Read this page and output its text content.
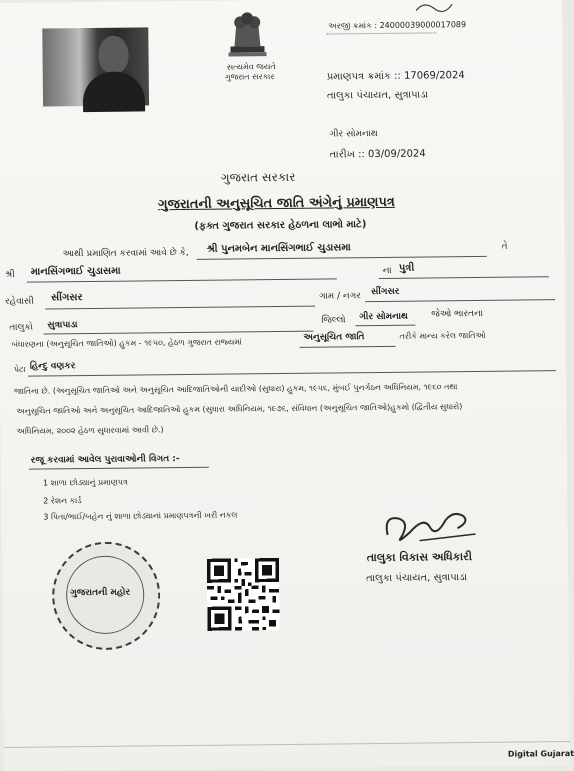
સત્યમેવ જયતે
ગુજરાત સરકાર
અરજી ક્રમાંક : 24000039000017089
પ્રમાણપત્ર ક્રમાંક :: 17069/2024
તાલુકા પંચાયત, સુત્રાપાડા
ગીર સોમનાથ
તારીખ :: 03/09/2024
ગુજરાત સરકાર
ગુજરાતની અનુસૂચિત જાતિ અંગેનું પ્રમાણપત્ર
(ફક્ત ગુજરાત સરકાર હેઠળના લાભો માટે)
આથી પ્રમાણિત કરવામાં આવે છે કે, શ્રી પુનમબેન માનસિંગભાઈ ચુડાસમા	તે
શ્રી માનસિંગભાઈ ચુડાસમા	ના પુત્રી
રહેવાસી સીંગસર	ગામ / નગર સીંગસર
તાલુકો સુત્રાપાડા	જિલ્લો ગીર સોમનાથ	જેઓ ભારતના
બંધારણના (અનુસૂચિત જાતિઓ) હુકમ - ૧૯૫૦, હેઠળ ગુજરાત રાજ્યમાં	અનુસૂચિત જાતિ	તરીકે માન્ય કરેલ જાતિઓ
પેટા હિન્દુ વણકર
જાતિના છે. (અનુસૂચિત જાતિઓ અને અનુસૂચિત આદિજાતિઓની યાદીઓ (સુધારા) હુકમ, ૧૯૫૬, મુંબઈ પુનર્ગઠન અધિનિયમ, ૧૯૬૦ તથા
અનુસૂચિત જાતિઓ અને અનુસૂચિત આદિજાતિઓ હુકમ (સુધારા અધિનિયમ, ૧૯૭૬, સંવિધાન (અનુસૂચિત જાતિઓ)હુકમો (દ્વિતીય સુધારો)
અધિનિયમ, ૨૦૦૨ હેઠળ સુધારવામાં આવી છે.)
રજૂ કરવામાં આવેલ પુરાવાઓની વિગત :-
1 શાળા છોડ્યાનું પ્રમાણપત્ર
2 રેશન કાર્ડ
3 પિતા/ભાઈ/બહેન નું શાળા છોડ્યાનાં પ્રમાણપત્રની ખરી નકલ
તાલુકા વિકાસ અધિકારી
તાલુકા પંચાયત, સુત્રાપાડા
ગુજરાતની મહોર
Digital Gujarat
